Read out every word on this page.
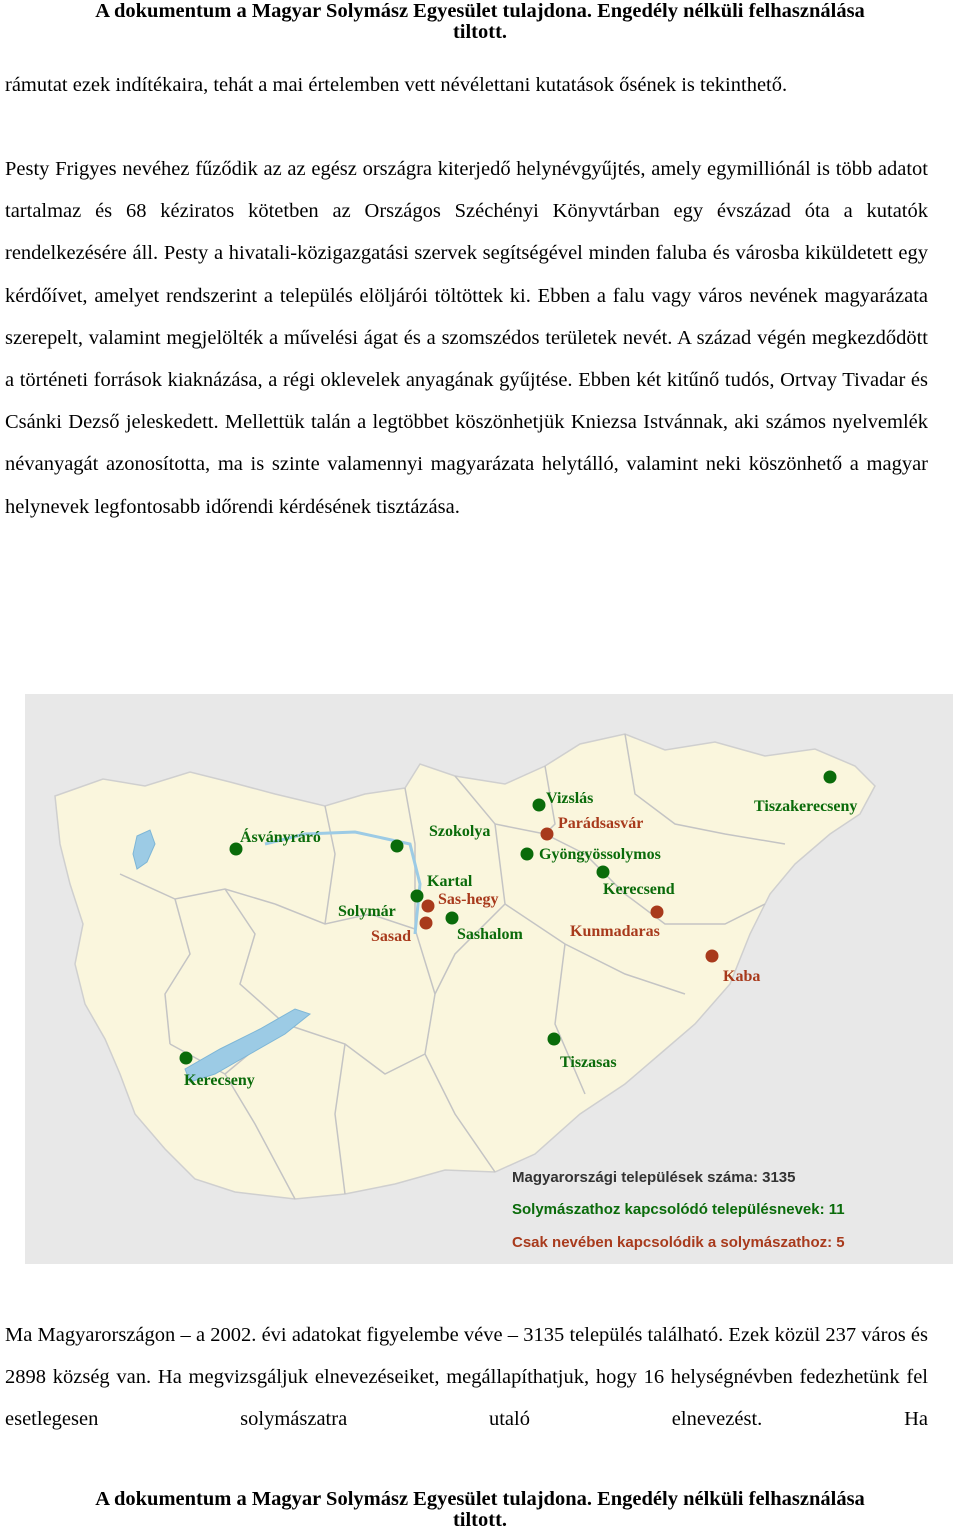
A dokumentum a Magyar Solymász Egyesület tulajdona. Engedély nélküli felhasználása
tiltott.
rámutat ezek indítékaira, tehát a mai értelemben vett névélettani kutatások ősének is tekinthető.
Pesty Frigyes nevéhez fűződik az az egész országra kiterjedő helynévgyűjtés, amely egymilliónál is több adatot tartalmaz és 68 kéziratos kötetben az Országos Széchényi Könyvtárban egy évszázad óta a kutatók rendelkezésére áll. Pesty a hivatali-közigazgatási szervek segítségével minden faluba és városba kiküldetett egy kérdőívet, amelyet rendszerint a település elöljárói töltöttek ki. Ebben a falu vagy város nevének magyarázata szerepelt, valamint megjelölték a művelési ágat és a szomszédos területek nevét. A század végén megkezdődött a történeti források kiaknázása, a régi oklevelek anyagának gyűjtése. Ebben két kitűnő tudós, Ortvay Tivadar és Csánki Dezső jeleskedett. Mellettük talán a legtöbbet köszönhetjük Kniezsa Istvánnak, aki számos nyelvemlék névanyagát azonosította, ma is szinte valamennyi magyarázata helytálló, valamint neki köszönhető a magyar helynevek legfontosabb időrendi kérdésének tisztázása.
Ásványráró	Szokolya
Vizslás
Parádsasvár
Gyöngyössolymos
Tiszakerecseny
Kartal
Sas-hegy
Solymár
Sasad	Sashalom
Kerecsend
Kunmadaras
Kaba
Kerecseny
Tiszasas
Magyarországi települések száma: 3135
Solymászathoz kapcsolódó településnevek: 11
Csak nevében kapcsolódik a solymászathoz: 5
Ma Magyarországon – a 2002. évi adatokat figyelembe véve – 3135 település található. Ezek közül 237 város és 2898 község van. Ha megvizsgáljuk elnevezéseiket, megállapíthatjuk, hogy 16 helységnévben fedezhetünk fel esetlegesen solymászatra utaló elnevezést. Ha
A dokumentum a Magyar Solymász Egyesület tulajdona. Engedély nélküli felhasználása
tiltott.
